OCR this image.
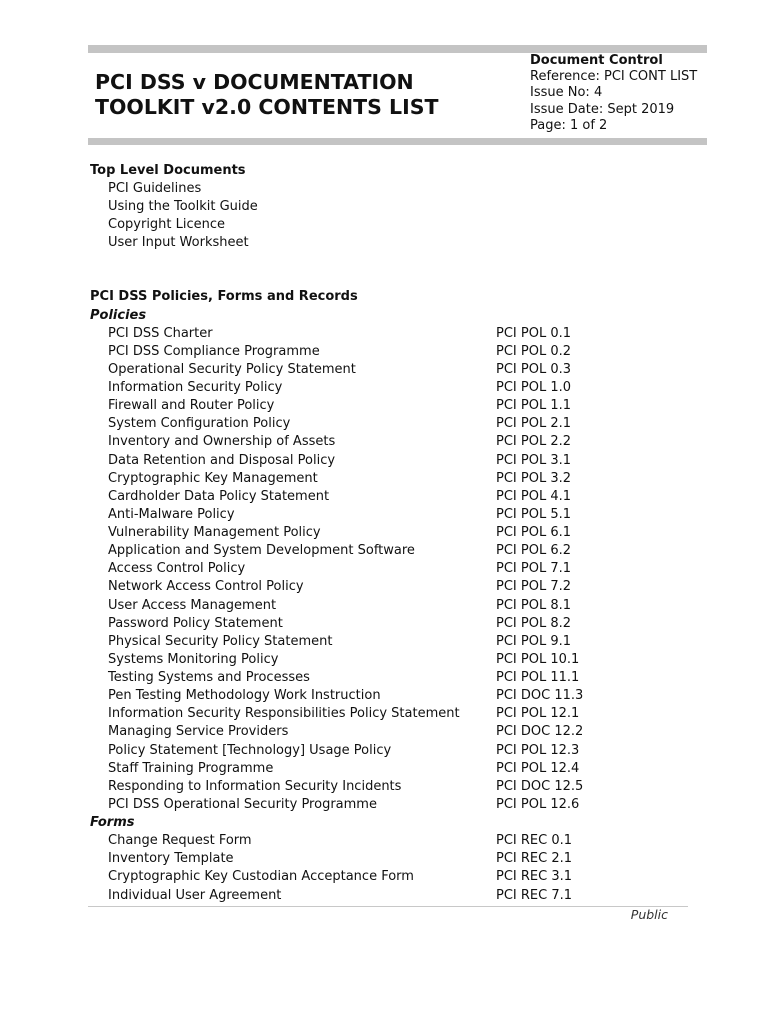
PCI DSS v DOCUMENTATION
TOOLKIT v2.0 CONTENTS LIST
Document Control
Reference: PCI CONT LIST
Issue No: 4
Issue Date: Sept 2019
Page: 1 of 2
Top Level Documents
PCI Guidelines
Using the Toolkit Guide
Copyright Licence
User Input Worksheet
PCI DSS Policies, Forms and Records
Policies
PCI DSS Charter	PCI POL 0.1
PCI DSS Compliance Programme	PCI POL 0.2
Operational Security Policy Statement	PCI POL 0.3
Information Security Policy	PCI POL 1.0
Firewall and Router Policy	PCI POL 1.1
System Configuration Policy	PCI POL 2.1
Inventory and Ownership of Assets	PCI POL 2.2
Data Retention and Disposal Policy	PCI POL 3.1
Cryptographic Key Management	PCI POL 3.2
Cardholder Data Policy Statement	PCI POL 4.1
Anti-Malware Policy	PCI POL 5.1
Vulnerability Management Policy	PCI POL 6.1
Application and System Development Software	PCI POL 6.2
Access Control Policy	PCI POL 7.1
Network Access Control Policy	PCI POL 7.2
User Access Management	PCI POL 8.1
Password Policy Statement	PCI POL 8.2
Physical Security Policy Statement	PCI POL 9.1
Systems Monitoring Policy	PCI POL 10.1
Testing Systems and Processes	PCI POL 11.1
Pen Testing Methodology Work Instruction	PCI DOC 11.3
Information Security Responsibilities Policy Statement	PCI POL 12.1
Managing Service Providers	PCI DOC 12.2
Policy Statement [Technology] Usage Policy	PCI POL 12.3
Staff Training Programme	PCI POL 12.4
Responding to Information Security Incidents	PCI DOC 12.5
PCI DSS Operational Security Programme	PCI POL 12.6
Forms
Change Request Form	PCI REC 0.1
Inventory Template	PCI REC 2.1
Cryptographic Key Custodian Acceptance Form	PCI REC 3.1
Individual User Agreement	PCI REC 7.1
Public
